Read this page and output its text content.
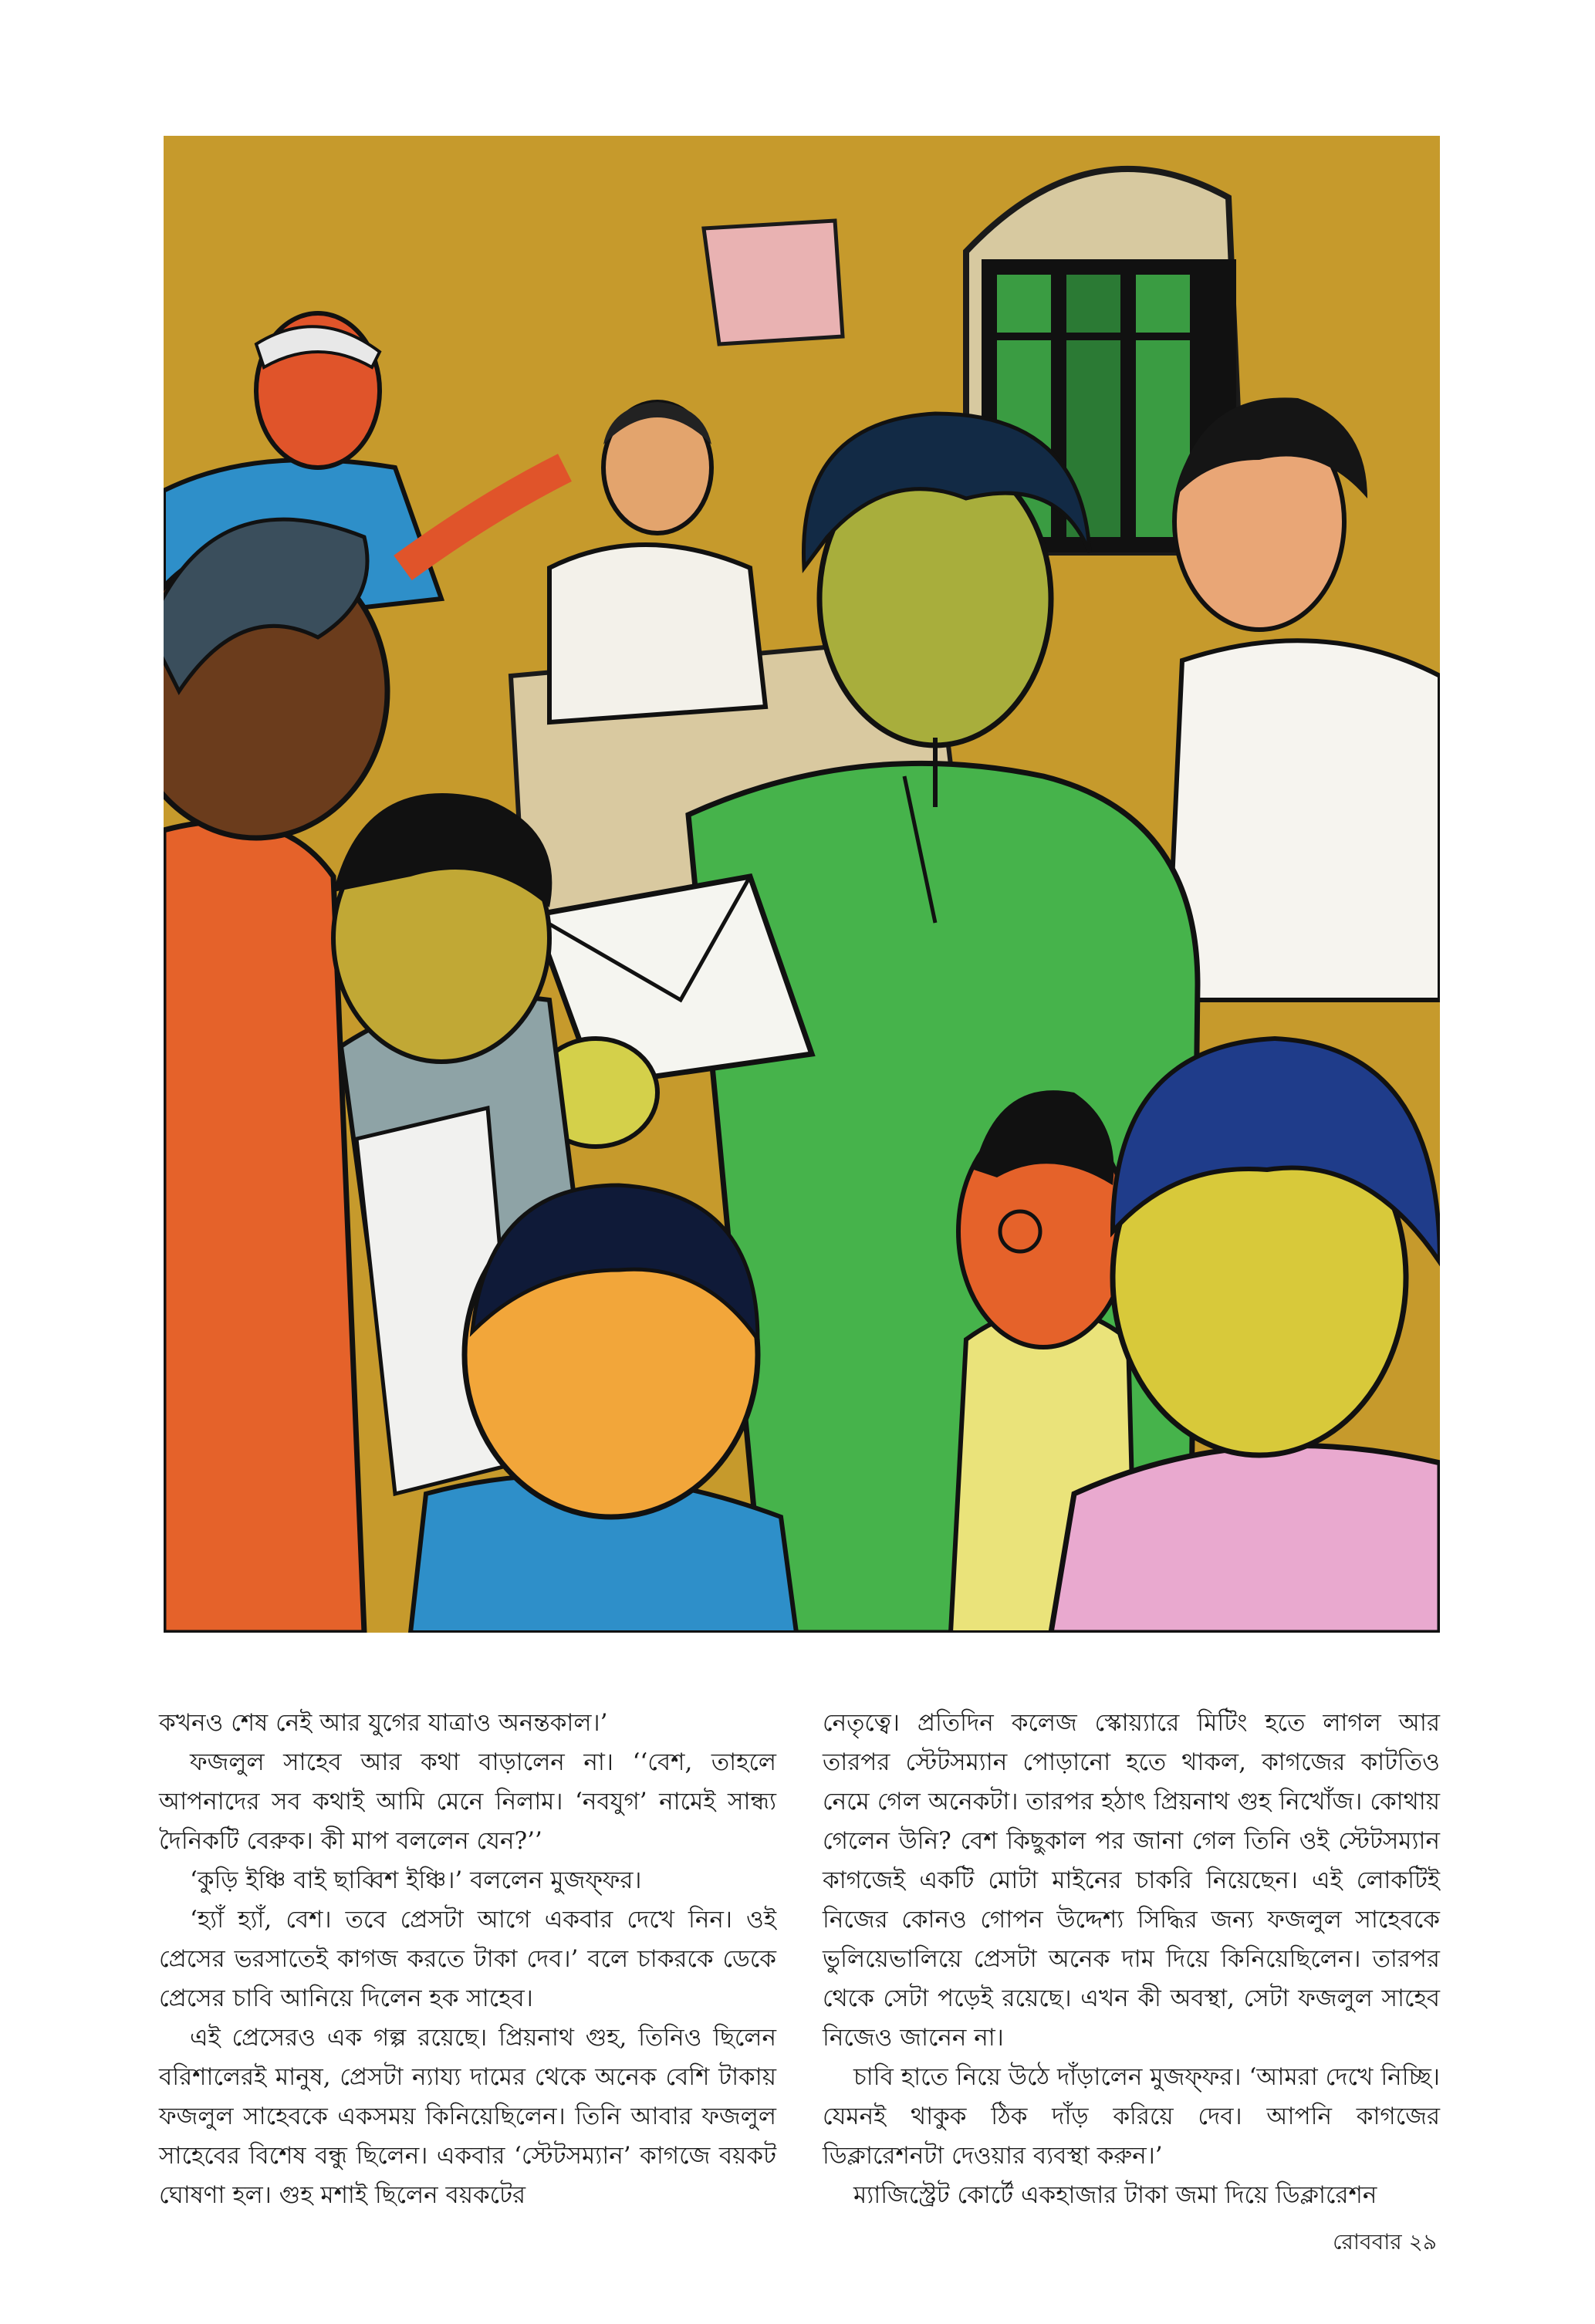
কখনও শেষ নেই আর যুগের যাত্রাও অনন্তকাল।’

ফজলুল সাহেব আর কথা বাড়ালেন না। ‘‘বেশ, তাহলে আপনাদের সব কথাই আমি মেনে নিলাম। ‘নবযুগ’ নামেই সান্ধ্য দৈনিকটি বেরুক। কী মাপ বললেন যেন?’’

‘কুড়ি ইঞ্চি বাই ছাব্বিশ ইঞ্চি।’ বললেন মুজফ্ফর।

‘হ্যাঁ হ্যাঁ, বেশ। তবে প্রেসটা আগে একবার দেখে নিন। ওই প্রেসের ভরসাতেই কাগজ করতে টাকা দেব।’ বলে চাকরকে ডেকে প্রেসের চাবি আনিয়ে দিলেন হক সাহেব।

এই প্রেসেরও এক গল্প রয়েছে। প্রিয়নাথ গুহ, তিনিও ছিলেন বরিশালেরই মানুষ, প্রেসটা ন্যায্য দামের থেকে অনেক বেশি টাকায় ফজলুল সাহেবকে একসময় কিনিয়েছিলেন। তিনি আবার ফজলুল সাহেবের বিশেষ বন্ধু ছিলেন। একবার ‘স্টেটসম্যান’ কাগজে বয়কট ঘোষণা হল। গুহ মশাই ছিলেন বয়কটের

নেতৃত্বে। প্রতিদিন কলেজ স্কোয়্যারে মিটিং হতে লাগল আর তারপর স্টেটসম্যান পোড়ানো হতে থাকল, কাগজের কাটতিও নেমে গেল অনেকটা। তারপর হঠাৎ প্রিয়নাথ গুহ নিখোঁজ। কোথায় গেলেন উনি? বেশ কিছুকাল পর জানা গেল তিনি ওই স্টেটসম্যান কাগজেই একটি মোটা মাইনের চাকরি নিয়েছেন। এই লোকটিই নিজের কোনও গোপন উদ্দেশ্য সিদ্ধির জন্য ফজলুল সাহেবকে ভুলিয়েভালিয়ে প্রেসটা অনেক দাম দিয়ে কিনিয়েছিলেন। তারপর থেকে সেটা পড়েই রয়েছে। এখন কী অবস্থা, সেটা ফজলুল সাহেব নিজেও জানেন না।

চাবি হাতে নিয়ে উঠে দাঁড়ালেন মুজফ্ফর। ‘আমরা দেখে নিচ্ছি। যেমনই থাকুক ঠিক দাঁড় করিয়ে দেব। আপনি কাগজের ডিক্লারেশনটা দেওয়ার ব্যবস্থা করুন।’

ম্যাজিস্ট্রেট কোর্টে একহাজার টাকা জমা দিয়ে ডিক্লারেশন

রোববার ২৯
